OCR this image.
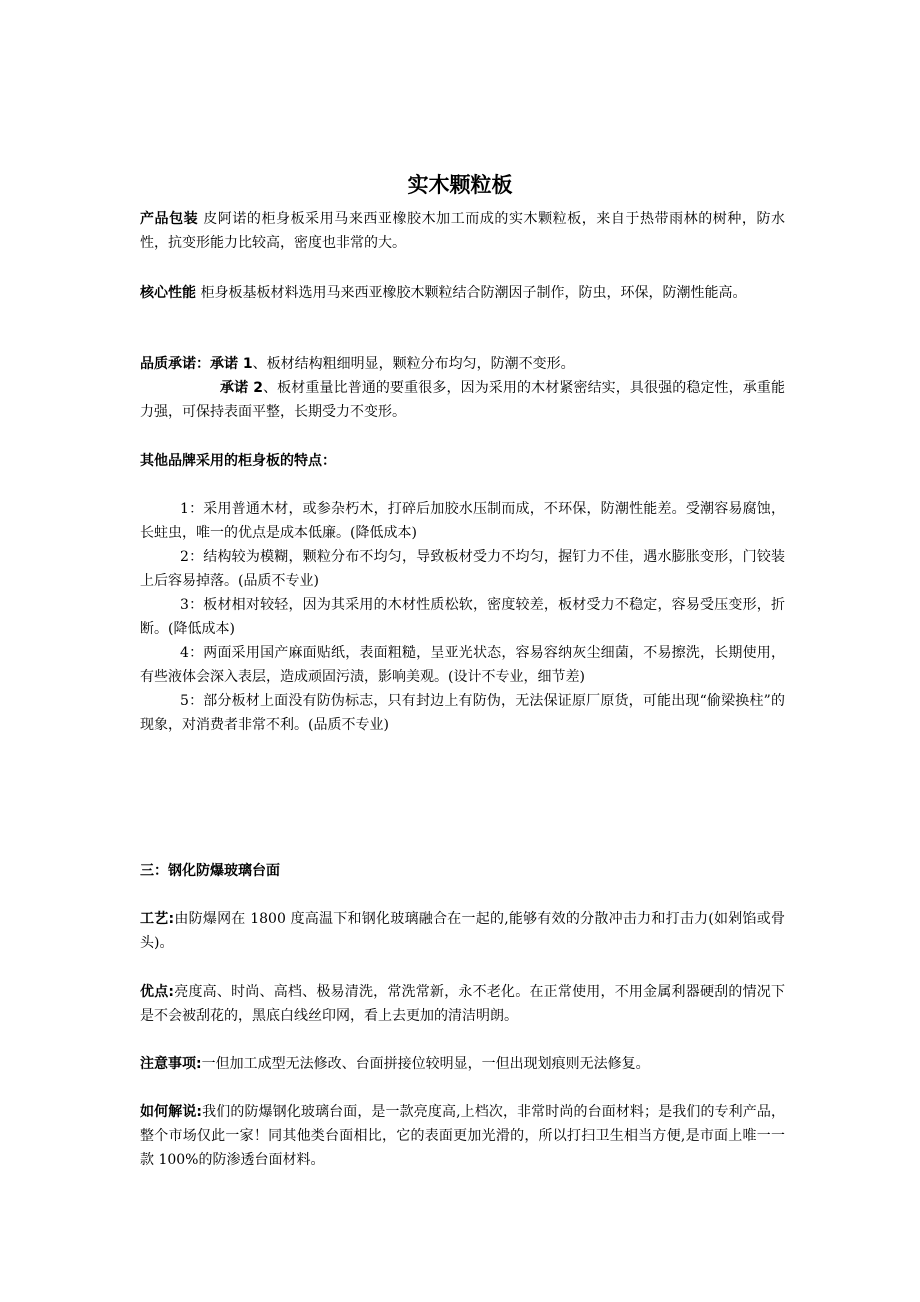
实木颗粒板
产品包装 皮阿诺的柜身板采用马来西亚橡胶木加工而成的实木颗粒板，来自于热带雨林的树种，防水性，抗变形能力比较高，密度也非常的大。
核心性能 柜身板基板材料选用马来西亚橡胶木颗粒结合防潮因子制作，防虫，环保，防潮性能高。

品质承诺：承诺 1、板材结构粗细明显，颗粒分布均匀，防潮不变形。

承诺 2、板材重量比普通的要重很多，因为采用的木材紧密结实，具很强的稳定性，承重能力强，可保持表面平整，长期受力不变形。

其他品牌采用的柜身板的特点：

1：采用普通木材，或参杂朽木，打碎后加胶水压制而成，不环保，防潮性能差。受潮容易腐蚀，长蛀虫，唯一的优点是成本低廉。(降低成本)

2：结构较为模糊，颗粒分布不均匀，导致板材受力不均匀，握钉力不佳，遇水膨胀变形，门铰装上后容易掉落。(品质不专业)

3：板材相对较轻，因为其采用的木材性质松软，密度较差，板材受力不稳定，容易受压变形，折断。(降低成本)

4：两面采用国产麻面贴纸，表面粗糙，呈亚光状态，容易容纳灰尘细菌，不易擦洗，长期使用，有些液体会深入表层，造成顽固污渍，影响美观。(设计不专业，细节差)

5：部分板材上面没有防伪标志，只有封边上有防伪，无法保证原厂原货，可能出现“偷梁换柱”的现象，对消费者非常不利。(品质不专业)

三：钢化防爆玻璃台面
工艺:由防爆网在 1800 度高温下和钢化玻璃融合在一起的,能够有效的分散冲击力和打击力(如剁馅或骨头)。
优点:亮度高、时尚、高档、极易清洗，常洗常新，永不老化。在正常使用，不用金属利器硬刮的情况下是不会被刮花的，黑底白线丝印网，看上去更加的清洁明朗。
注意事项:一但加工成型无法修改、台面拼接位较明显，一但出现划痕则无法修复。
如何解说:我们的防爆钢化玻璃台面，是一款亮度高,上档次，非常时尚的台面材料；是我们的专利产品，整个市场仅此一家！同其他类台面相比，它的表面更加光滑的，所以打扫卫生相当方便,是市面上唯一一款 100%的防渗透台面材料。
